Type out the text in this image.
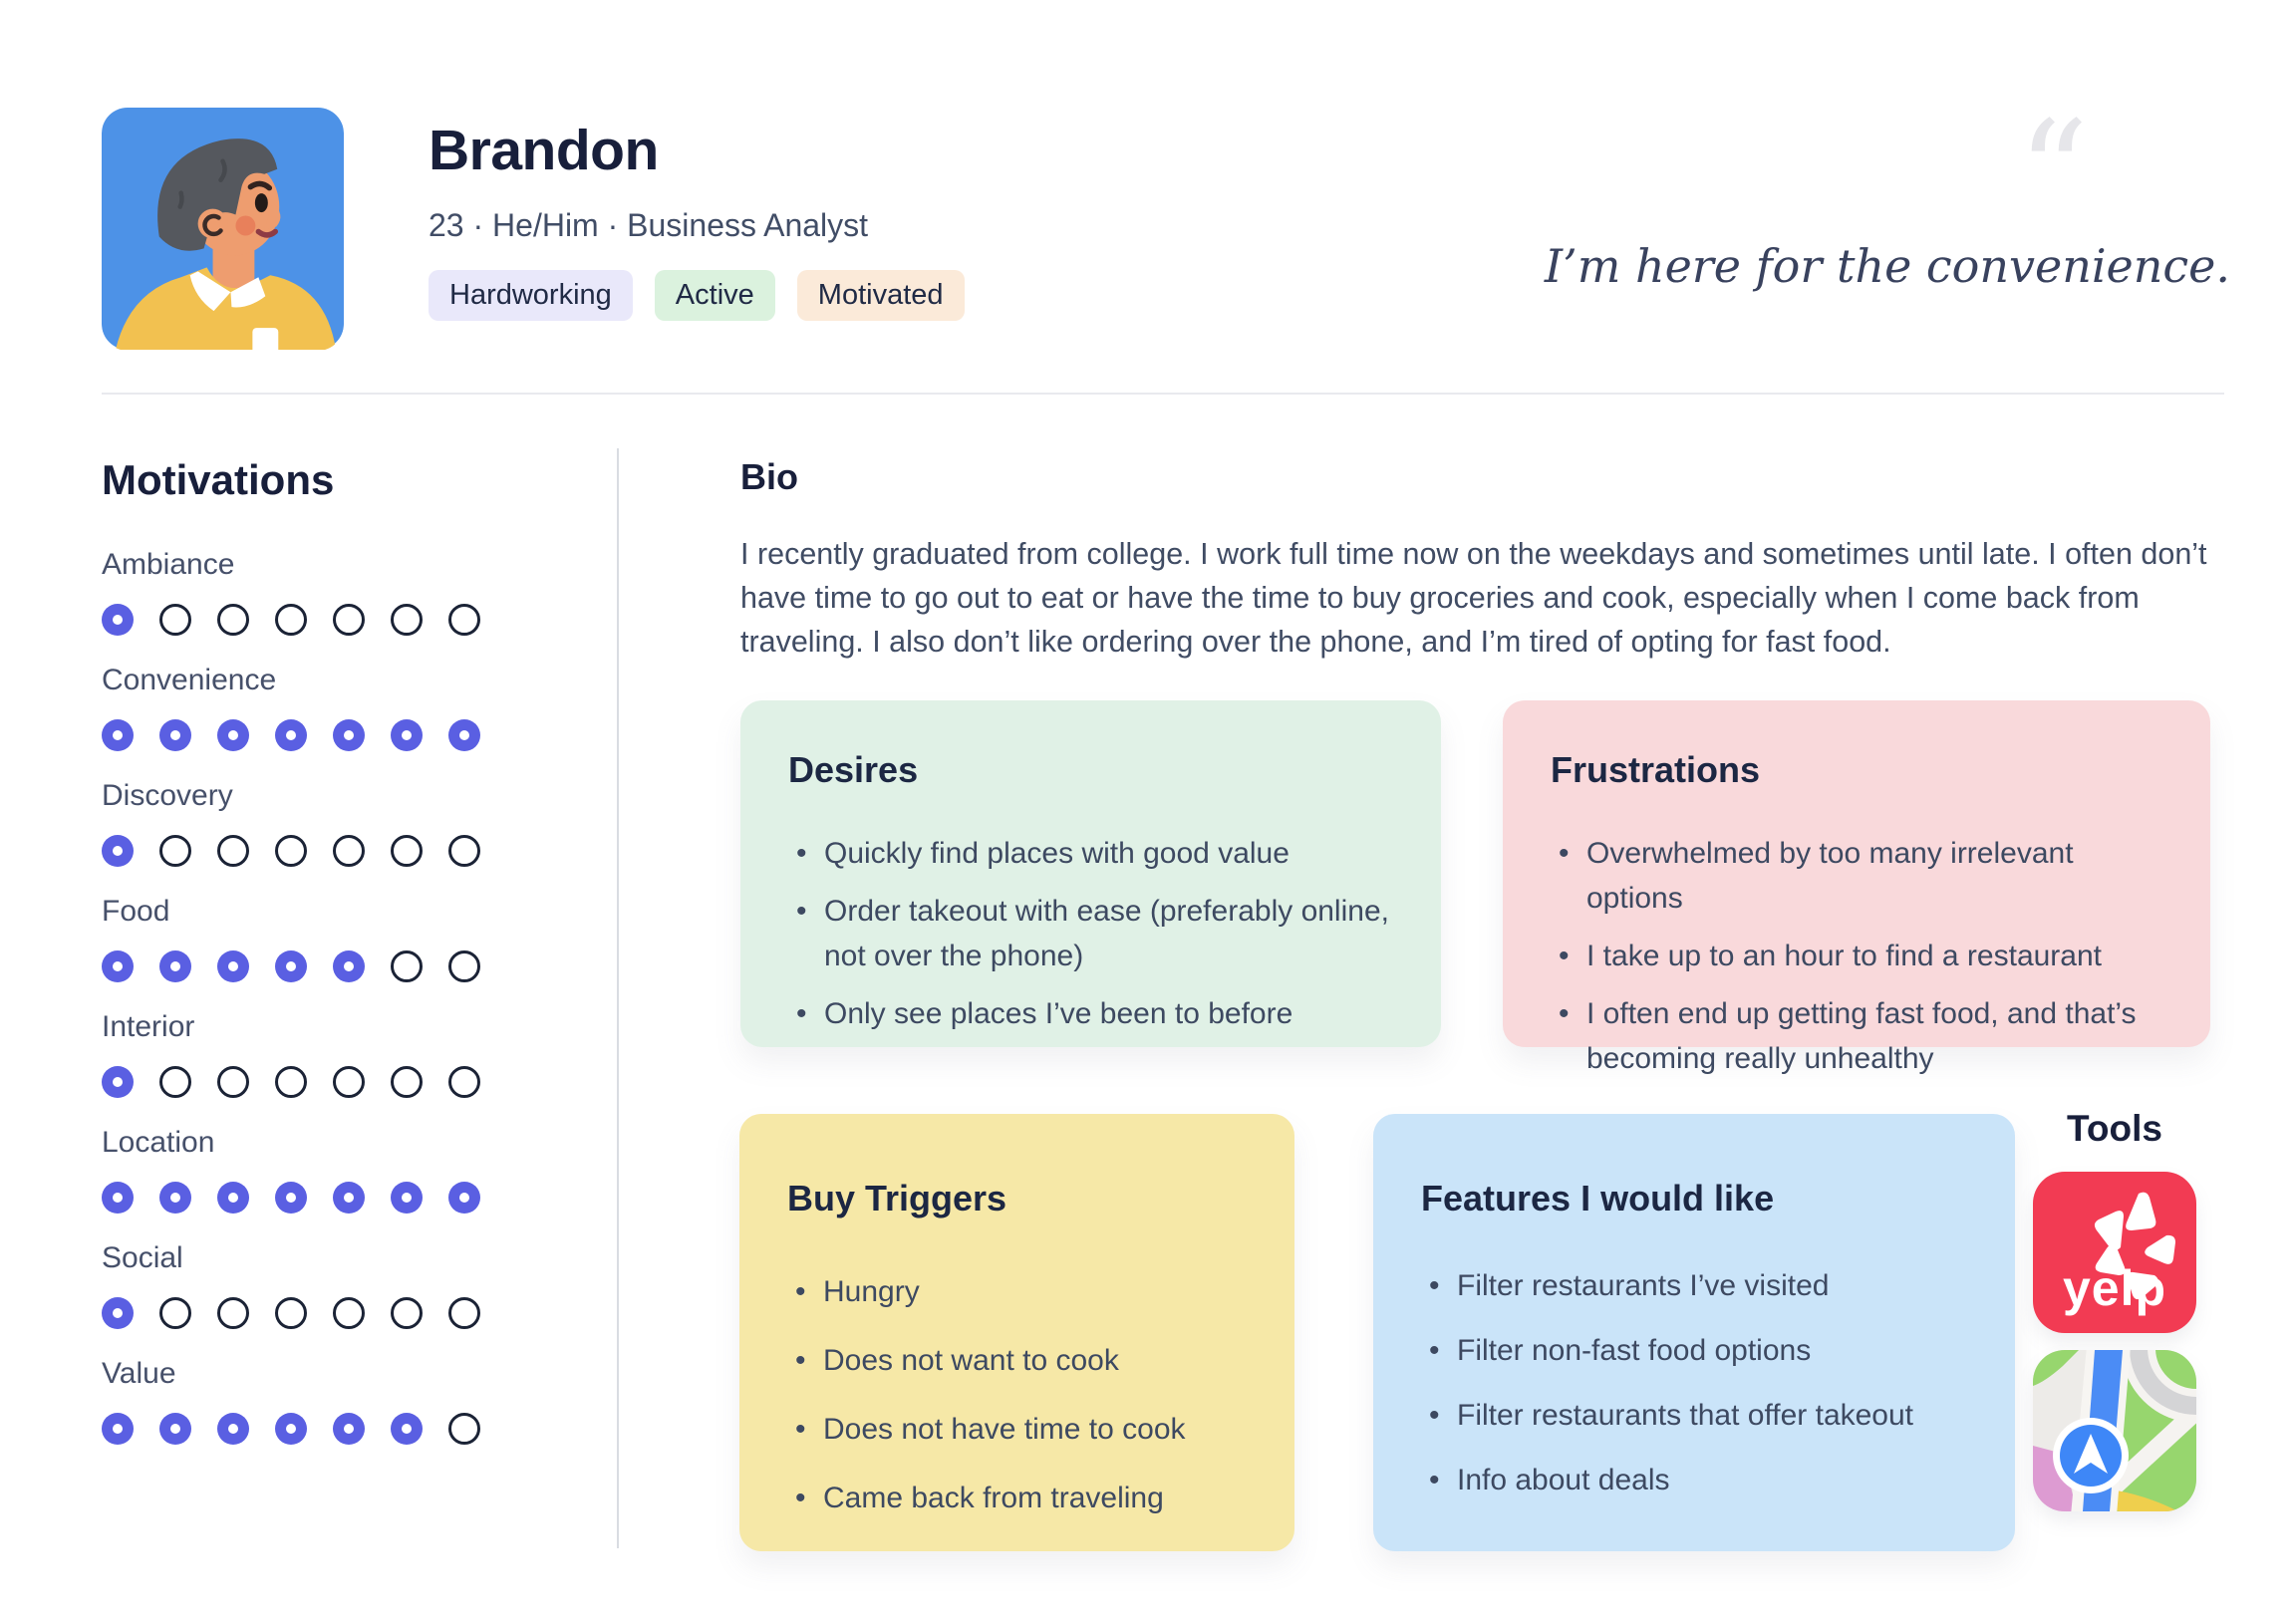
Brandon
23 · He/Him · Business Analyst
Hardworking	Active	Motivated
“
I’m here for the convenience.
Motivations
Ambiance
Convenience
Discovery
Food
Interior
Location
Social
Value
Bio

I recently graduated from college. I work full time now on the weekdays and sometimes until late. I often don’t have time to go out to eat or have the time to buy groceries and cook, especially when I come back from traveling. I also don’t like ordering over the phone, and I’m tired of opting for fast food.

Desires
• Quickly find places with good value
• Order takeout with ease (preferably online, not over the phone)
• Only see places I’ve been to before
Frustrations
• Overwhelmed by too many irrelevant options
• I take up to an hour to find a restaurant
• I often end up getting fast food, and that’s becoming really unhealthy
Buy Triggers
• Hungry
• Does not want to cook
• Does not have time to cook
• Came back from traveling
Features I would like
• Filter restaurants I’ve visited
• Filter non-fast food options
• Filter restaurants that offer takeout
• Info about deals
Tools
yelp
